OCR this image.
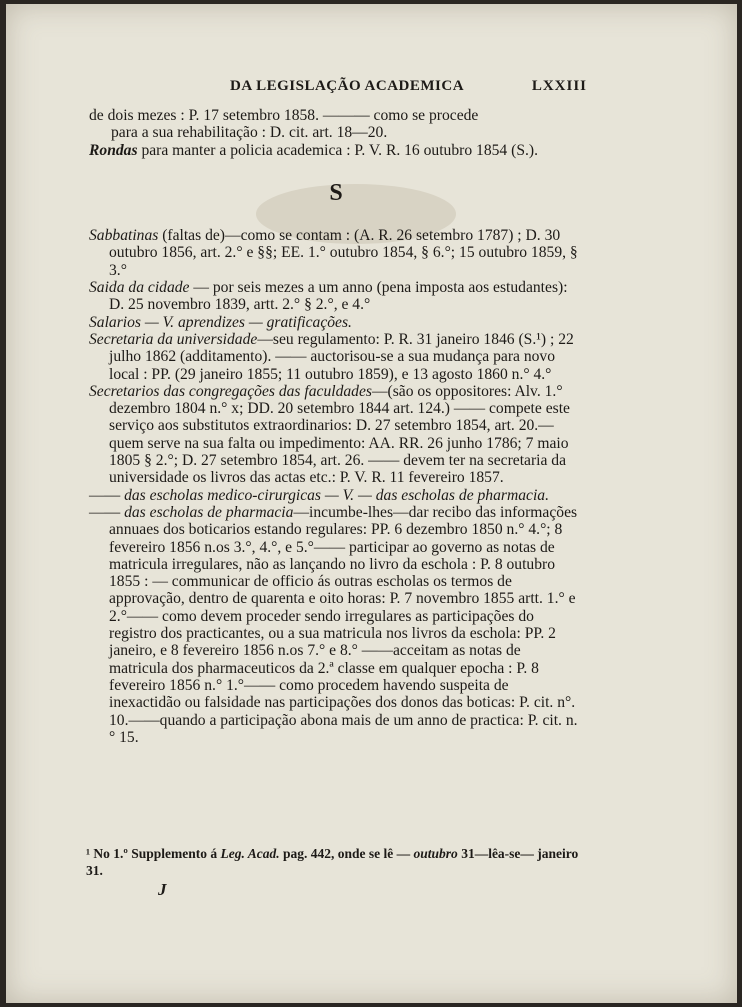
DA LEGISLAÇÃO ACADEMICA	LXXIII

de dois mezes : P. 17 setembro 1858. ——— como se procede
para a sua rehabilitação : D. cit. art. 18—20.

Rondas para manter a policia academica : P. V. R. 16 outubro 1854 (S.).

S

Sabbatinas (faltas de)—como se contam : (A. R. 26 setembro 1787) ; D. 30 outubro 1856, art. 2.° e §§; EE. 1.° outubro 1854, § 6.°; 15 outubro 1859, § 3.°

Saida da cidade — por seis mezes a um anno (pena imposta aos estudantes): D. 25 novembro 1839, artt. 2.° § 2.°, e 4.°

Salarios — V. aprendizes — gratificações.

Secretaria da universidade—seu regulamento: P. R. 31 janeiro 1846 (S.¹) ; 22 julho 1862 (additamento). —— auctorisou-se a sua mudança para novo local : PP. (29 janeiro 1855; 11 outubro 1859), e 13 agosto 1860 n.° 4.°

Secretarios das congregações das faculdades—(são os oppositores: Alv. 1.° dezembro 1804 n.° x; DD. 20 setembro 1844 art. 124.) —— compete este serviço aos substitutos extraordinarios: D. 27 setembro 1854, art. 20.—quem serve na sua falta ou impedimento: AA. RR. 26 junho 1786; 7 maio 1805 § 2.°; D. 27 setembro 1854, art. 26. —— devem ter na secretaria da universidade os livros das actas etc.: P. V. R. 11 fevereiro 1857.

—— das escholas medico-cirurgicas — V. — das escholas de pharmacia.

—— das escholas de pharmacia—incumbe-lhes—dar recibo das informações annuaes dos boticarios estando regulares: PP. 6 dezembro 1850 n.° 4.°; 8 fevereiro 1856 n.os 3.°, 4.°, e 5.°—— participar ao governo as notas de matricula irregulares, não as lançando no livro da eschola : P. 8 outubro 1855 : — communicar de officio ás outras escholas os termos de approvação, dentro de quarenta e oito horas: P. 7 novembro 1855 artt. 1.° e 2.°—— como devem proceder sendo irregulares as participações do registro dos practicantes, ou a sua matricula nos livros da eschola: PP. 2 janeiro, e 8 fevereiro 1856 n.os 7.° e 8.° ——acceitam as notas de matricula dos pharmaceuticos da 2.ª classe em qualquer epocha : P. 8 fevereiro 1856 n.° 1.°—— como procedem havendo suspeita de inexactidão ou falsidade nas participações dos donos das boticas: P. cit. n°. 10.——quando a participação abona mais de um anno de practica: P. cit. n.° 15.

¹ No 1.º Supplemento á Leg. Acad. pag. 442, onde se lê — outubro 31—lêa-se— janeiro 31.
J
